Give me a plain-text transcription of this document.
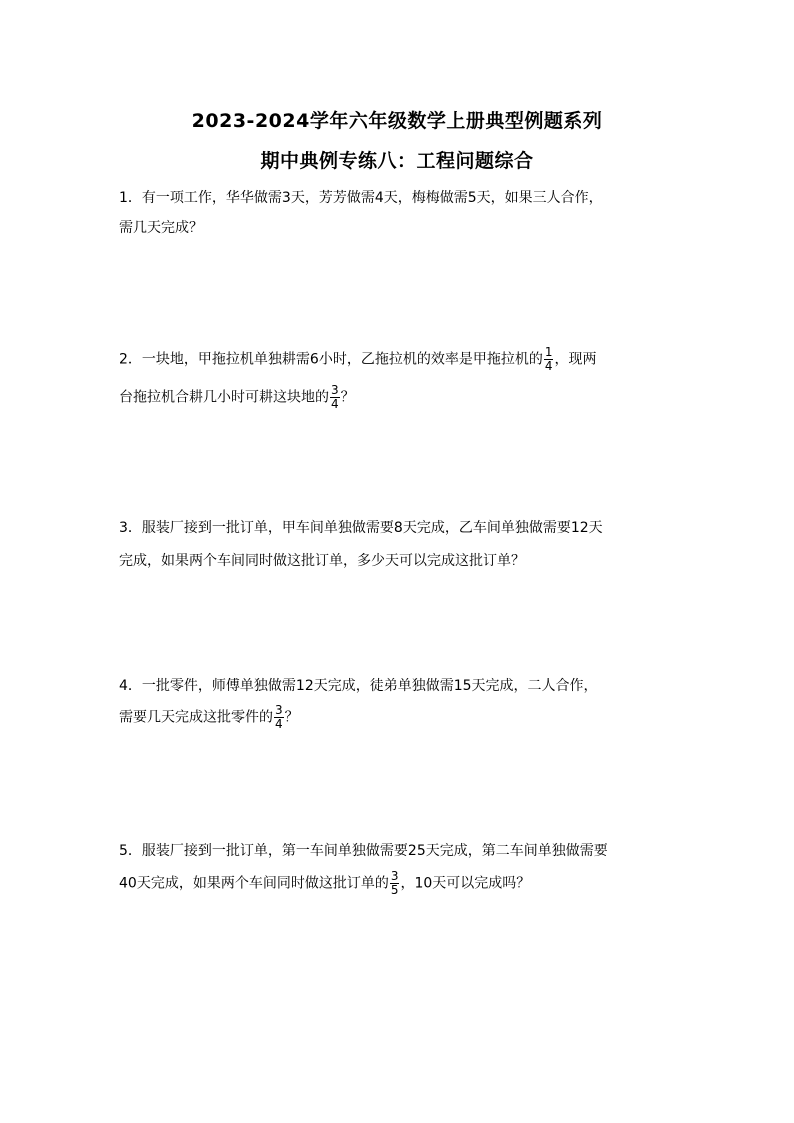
2023-2024学年六年级数学上册典型例题系列
期中典例专练八：工程问题综合
1．有一项工作，华华做需3天，芳芳做需4天，梅梅做需5天，如果三人合作，
需几天完成？
2．一块地，甲拖拉机单独耕需6小时，乙拖拉机的效率是甲拖拉机的 $\frac{1}{4}$ ，现两
台拖拉机合耕几小时可耕这块地的 $\frac{3}{4}$ ？
3．服装厂接到一批订单，甲车间单独做需要8天完成，乙车间单独做需要12天
完成，如果两个车间同时做这批订单，多少天可以完成这批订单？
4．一批零件，师傅单独做需12天完成，徒弟单独做需15天完成，二人合作，
需要几天完成这批零件的 $\frac{3}{4}$ ？
5．服装厂接到一批订单，第一车间单独做需要25天完成，第二车间单独做需要
40天完成，如果两个车间同时做这批订单的 $\frac{3}{5}$ ，10天可以完成吗？
